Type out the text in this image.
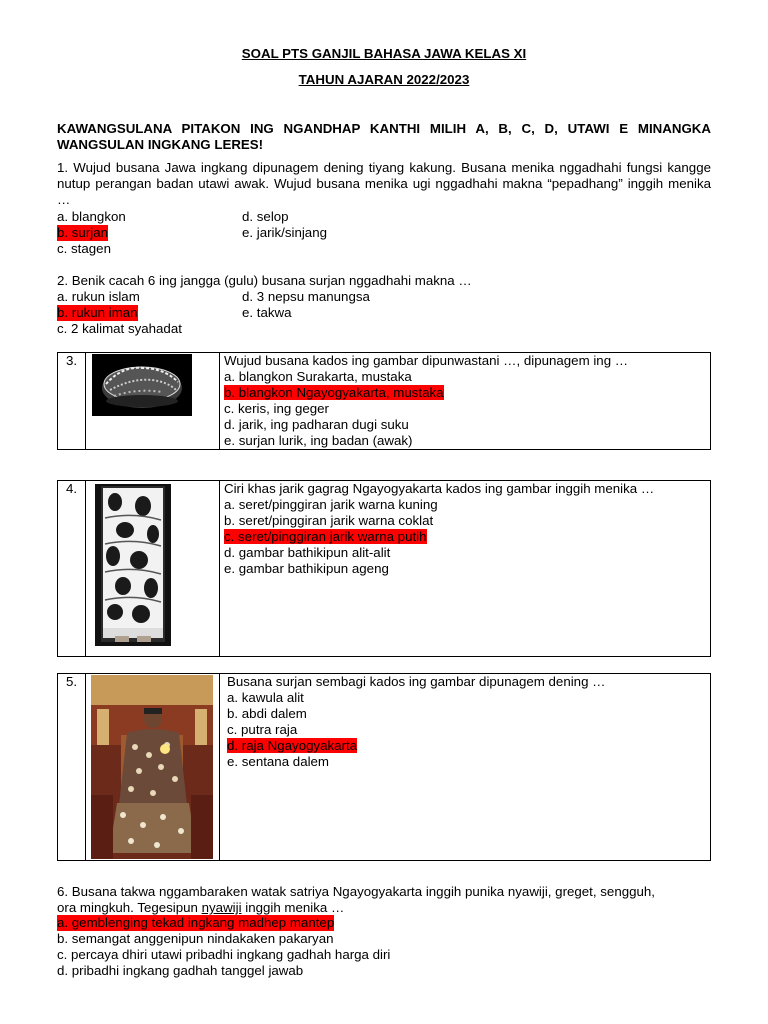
SOAL PTS GANJIL BAHASA JAWA KELAS XI
TAHUN AJARAN 2022/2023
KAWANGSULANA PITAKON ING NGANDHAP KANTHI MILIH A, B, C, D, UTAWI E MINANGKA WANGSULAN INGKANG LERES!
1. Wujud busana Jawa ingkang dipunagem dening tiyang kakung. Busana menika nggadhahi fungsi kangge nutup perangan badan utawi awak. Wujud busana menika ugi nggadhahi makna “pepadhang” inggih menika …
a. blangkon	d. selop
b. surjan	e. jarik/sinjang
c. stagen
2. Benik cacah 6 ing jangga (gulu) busana surjan nggadhahi makna …
a. rukun islam	d. 3 nepsu manungsa
b. rukun iman	e. takwa
c. 2 kalimat syahadat
3.		Wujud busana kados ing gambar dipunwastani …, dipunagem ing …
a. blangkon Surakarta, mustaka
b. blangkon Ngayogyakarta, mustaka
c. keris, ing geger
d. jarik, ing padharan dugi suku
e. surjan lurik, ing badan (awak)
4.		Ciri khas jarik gagrag Ngayogyakarta kados ing gambar inggih menika …
a. seret/pinggiran jarik warna kuning
b. seret/pinggiran jarik warna coklat
c. seret/pinggiran jarik warna putih
d. gambar bathikipun alit-alit
e. gambar bathikipun ageng
5.		Busana surjan sembagi kados ing gambar dipunagem dening …
a. kawula alit
b. abdi dalem
c. putra raja
d. raja Ngayogyakarta
e. sentana dalem
6. Busana takwa nggambaraken watak satriya Ngayogyakarta inggih punika nyawiji, greget, sengguh,
ora mingkuh. Tegesipun nyawiji inggih menika …
a. gemblenging tekad ingkang madhep mantep
b. semangat anggenipun nindakaken pakaryan
c. percaya dhiri utawi pribadhi ingkang gadhah harga diri
d. pribadhi ingkang gadhah tanggel jawab
